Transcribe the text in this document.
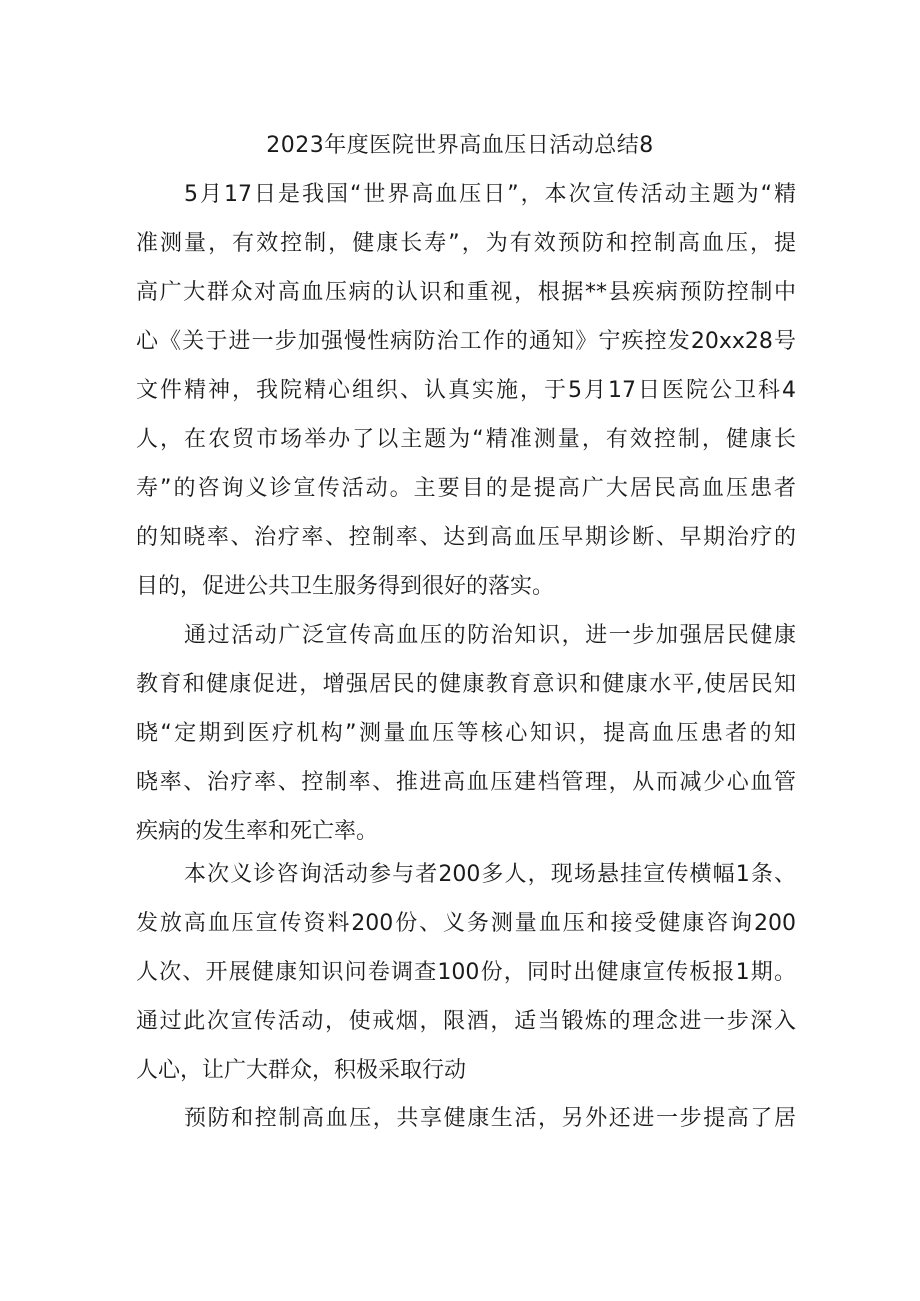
2023年度医院世界高血压日活动总结8
5月17日是我国“世界高血压日”，本次宣传活动主题为“精
准测量，有效控制，健康长寿”，为有效预防和控制高血压，提
高广大群众对高血压病的认识和重视，根据**县疾病预防控制中
心《关于进一步加强慢性病防治工作的通知》宁疾控发20xx28号
文件精神，我院精心组织、认真实施，于5月17日医院公卫科4
人，在农贸市场举办了以主题为“精准测量，有效控制，健康长
寿”的咨询义诊宣传活动。主要目的是提高广大居民高血压患者
的知晓率、治疗率、控制率、达到高血压早期诊断、早期治疗的
目的，促进公共卫生服务得到很好的落实。
通过活动广泛宣传高血压的防治知识，进一步加强居民健康
教育和健康促进，增强居民的健康教育意识和健康水平,使居民知
晓“定期到医疗机构”测量血压等核心知识，提高血压患者的知
晓率、治疗率、控制率、推进高血压建档管理，从而减少心血管
疾病的发生率和死亡率。
本次义诊咨询活动参与者200多人，现场悬挂宣传横幅1条、
发放高血压宣传资料200份、义务测量血压和接受健康咨询200
人次、开展健康知识问卷调查100份，同时出健康宣传板报1期。
通过此次宣传活动，使戒烟，限酒，适当锻炼的理念进一步深入
人心，让广大群众，积极采取行动
预防和控制高血压，共享健康生活，另外还进一步提高了居
